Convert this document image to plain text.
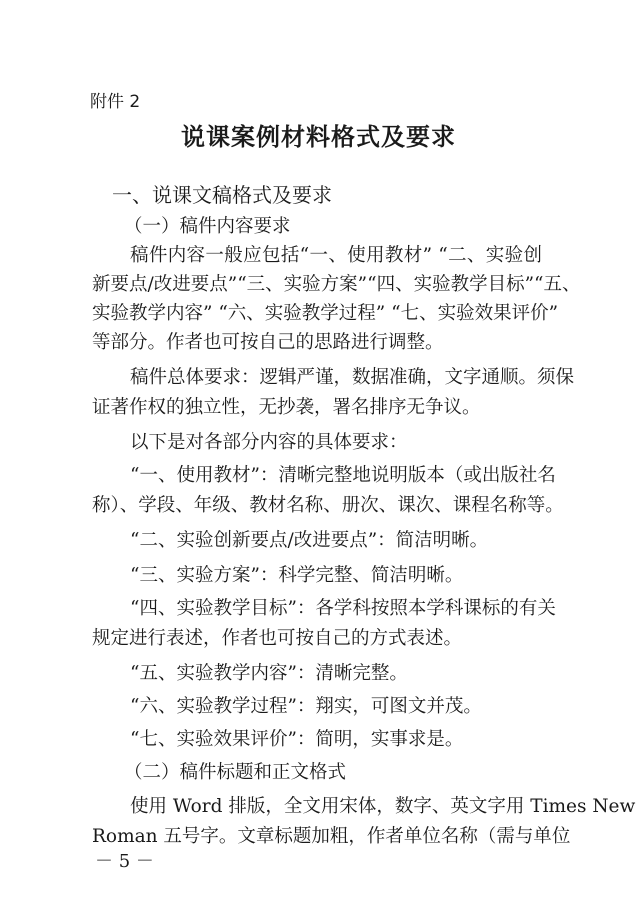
附件 2
说课案例材料格式及要求
一、说课文稿格式及要求
（一）稿件内容要求
稿件内容一般应包括“一、使用教材” “二、实验创
新要点/改进要点”“三、实验方案”“四、实验教学目标”“五、
实验教学内容” “六、实验教学过程” “七、实验效果评价”
等部分。作者也可按自己的思路进行调整。
稿件总体要求：逻辑严谨，数据准确，文字通顺。须保
证著作权的独立性，无抄袭，署名排序无争议。
以下是对各部分内容的具体要求：
“一、使用教材”：清晰完整地说明版本（或出版社名
称）、学段、年级、教材名称、册次、课次、课程名称等。
“二、实验创新要点/改进要点”：简洁明晰。
“三、实验方案”：科学完整、简洁明晰。
“四、实验教学目标”：各学科按照本学科课标的有关
规定进行表述，作者也可按自己的方式表述。
“五、实验教学内容”：清晰完整。
“六、实验教学过程”：翔实，可图文并茂。
“七、实验效果评价”：简明，实事求是。
（二）稿件标题和正文格式
使用 Word 排版，全文用宋体，数字、英文字用 Times New
Roman 五号字。文章标题加粗，作者单位名称（需与单位
－ 5 －
